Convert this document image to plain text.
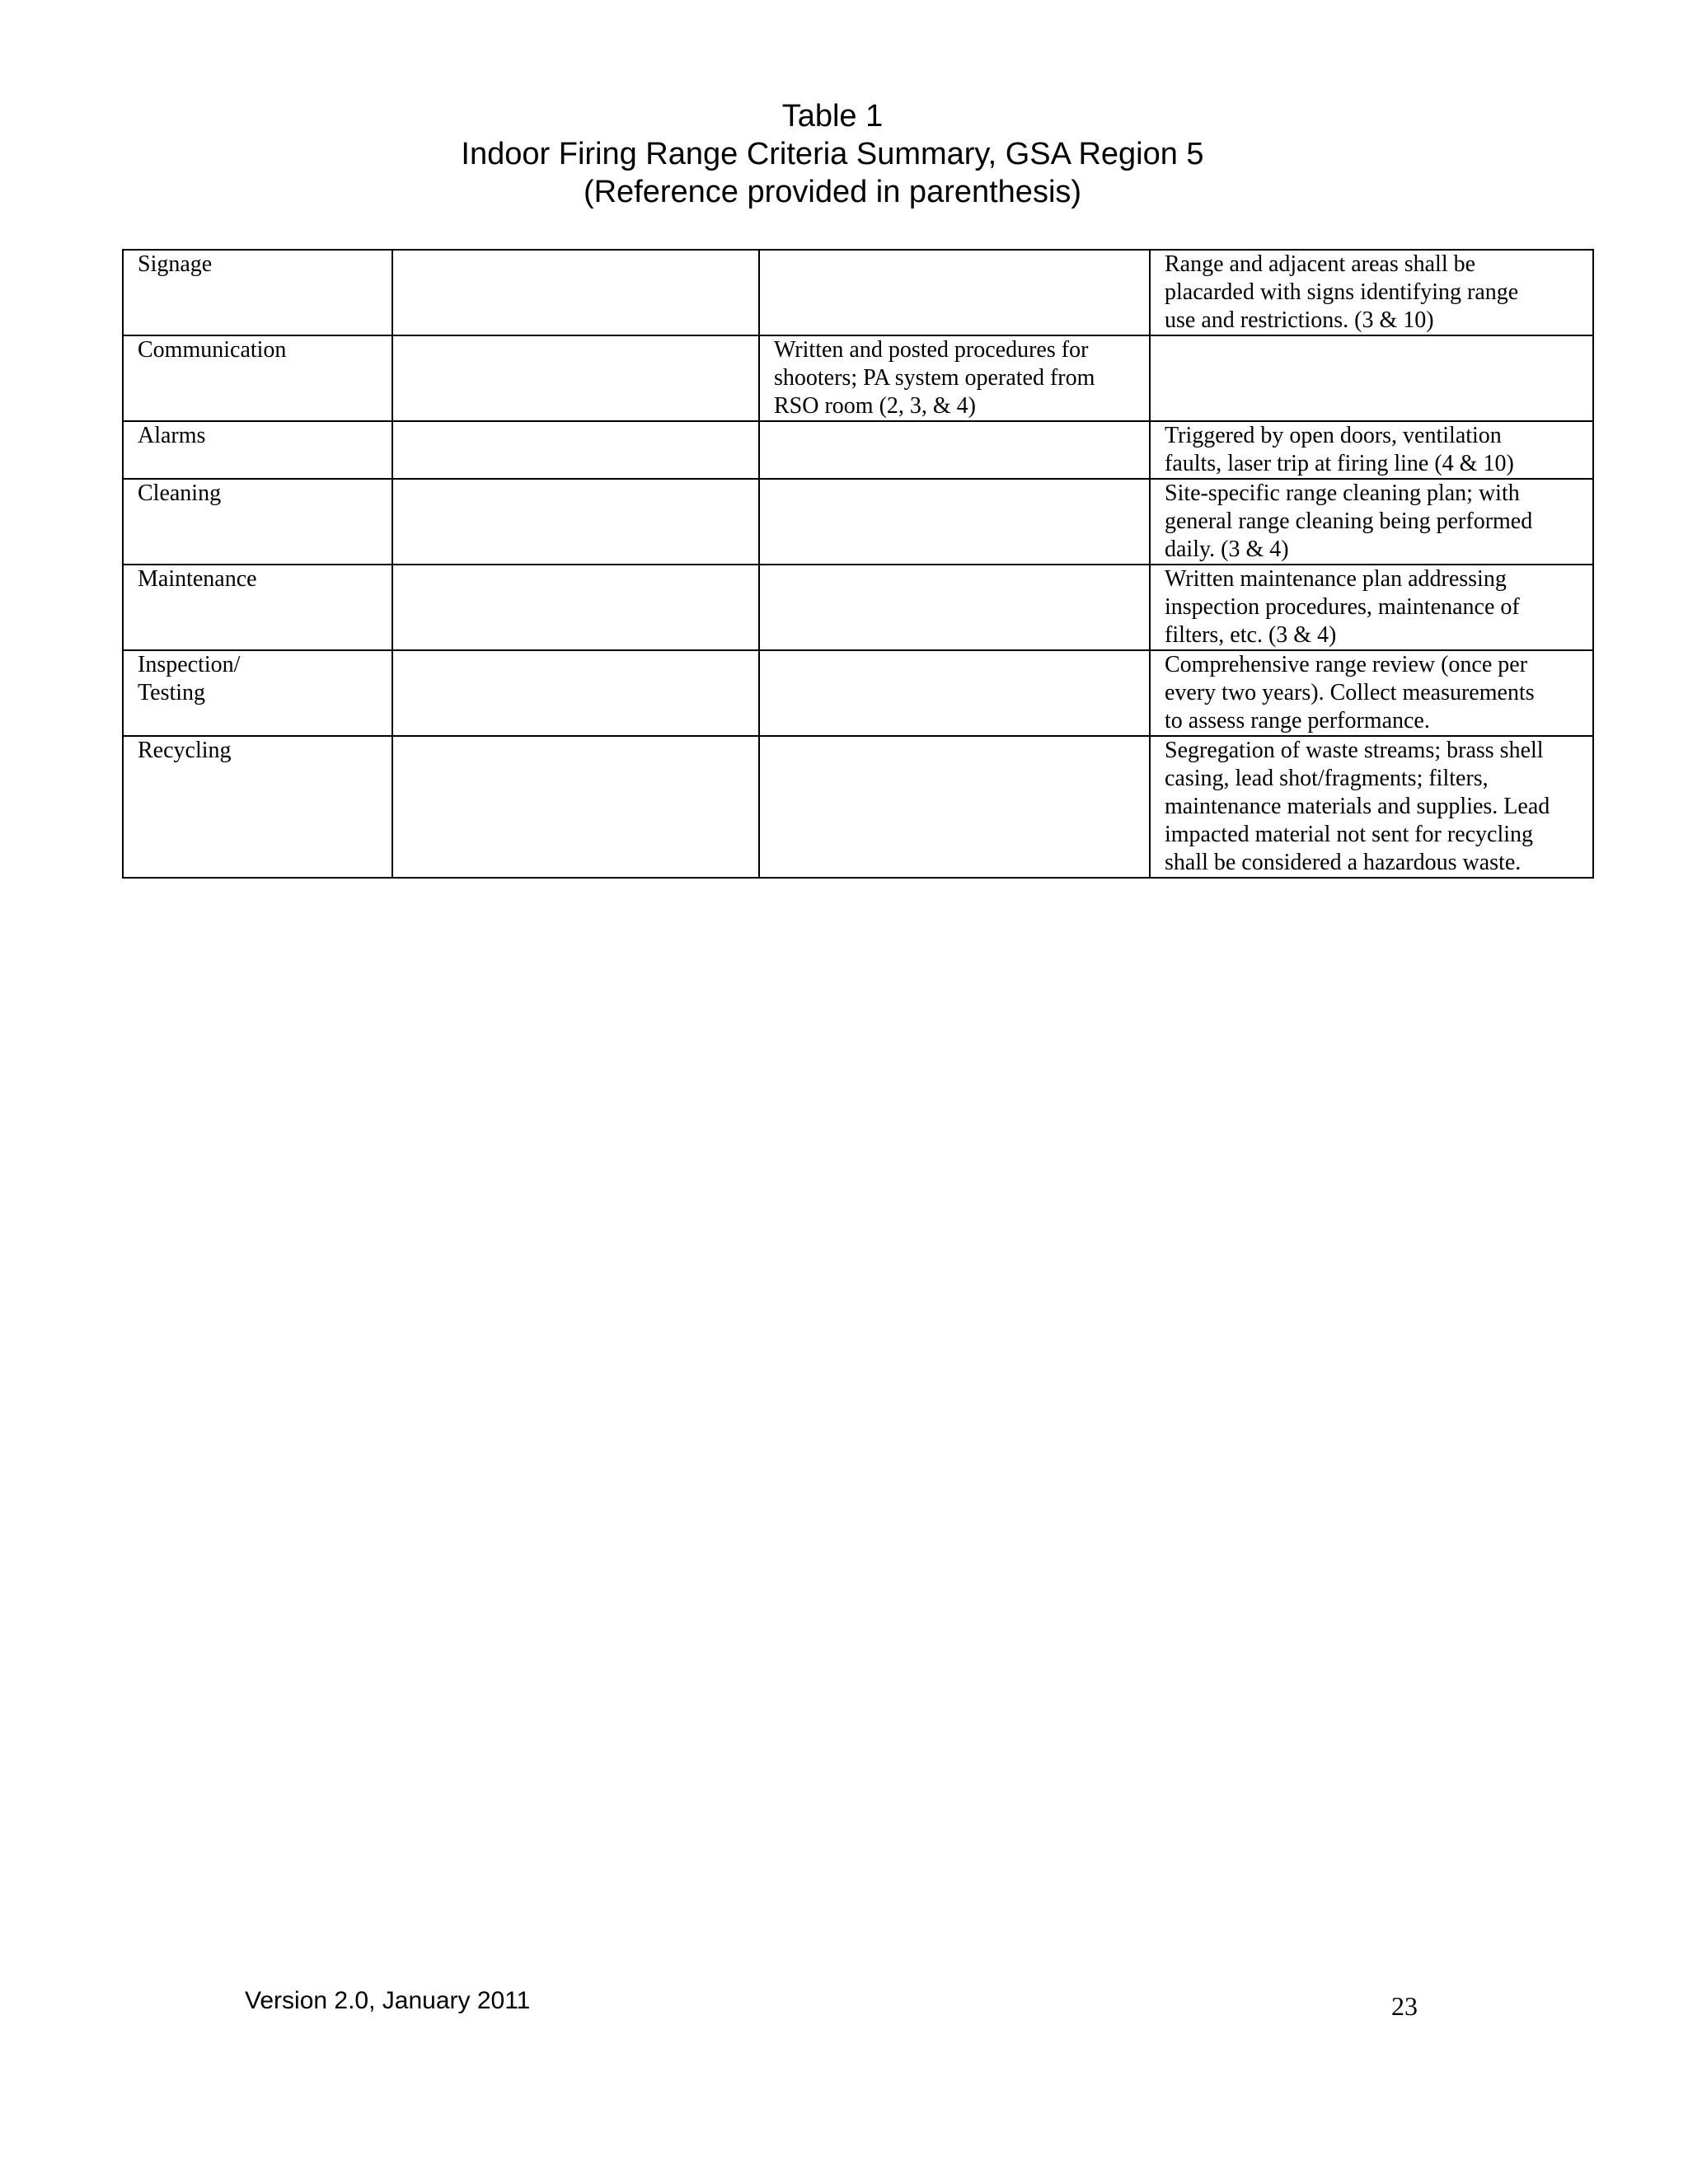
Table 1
Indoor Firing Range Criteria Summary, GSA Region 5
(Reference provided in parenthesis)
Signage			Range and adjacent areas shall be
placarded with signs identifying range
use and restrictions. (3 & 10)

Communication		Written and posted procedures for
shooters; PA system operated from
RSO room (2, 3, & 4)	

Alarms			Triggered by open doors, ventilation
faults, laser trip at firing line (4 & 10)

Cleaning			Site-specific range cleaning plan; with
general range cleaning being performed
daily. (3 & 4)

Maintenance			Written maintenance plan addressing
inspection procedures, maintenance of
filters, etc. (3 & 4)

Inspection/
Testing			Comprehensive range review (once per
every two years). Collect measurements
to assess range performance.

Recycling			Segregation of waste streams; brass shell
casing, lead shot/fragments; filters,
maintenance materials and supplies. Lead
impacted material not sent for recycling
shall be considered a hazardous waste.
Version 2.0, January 2011	23
